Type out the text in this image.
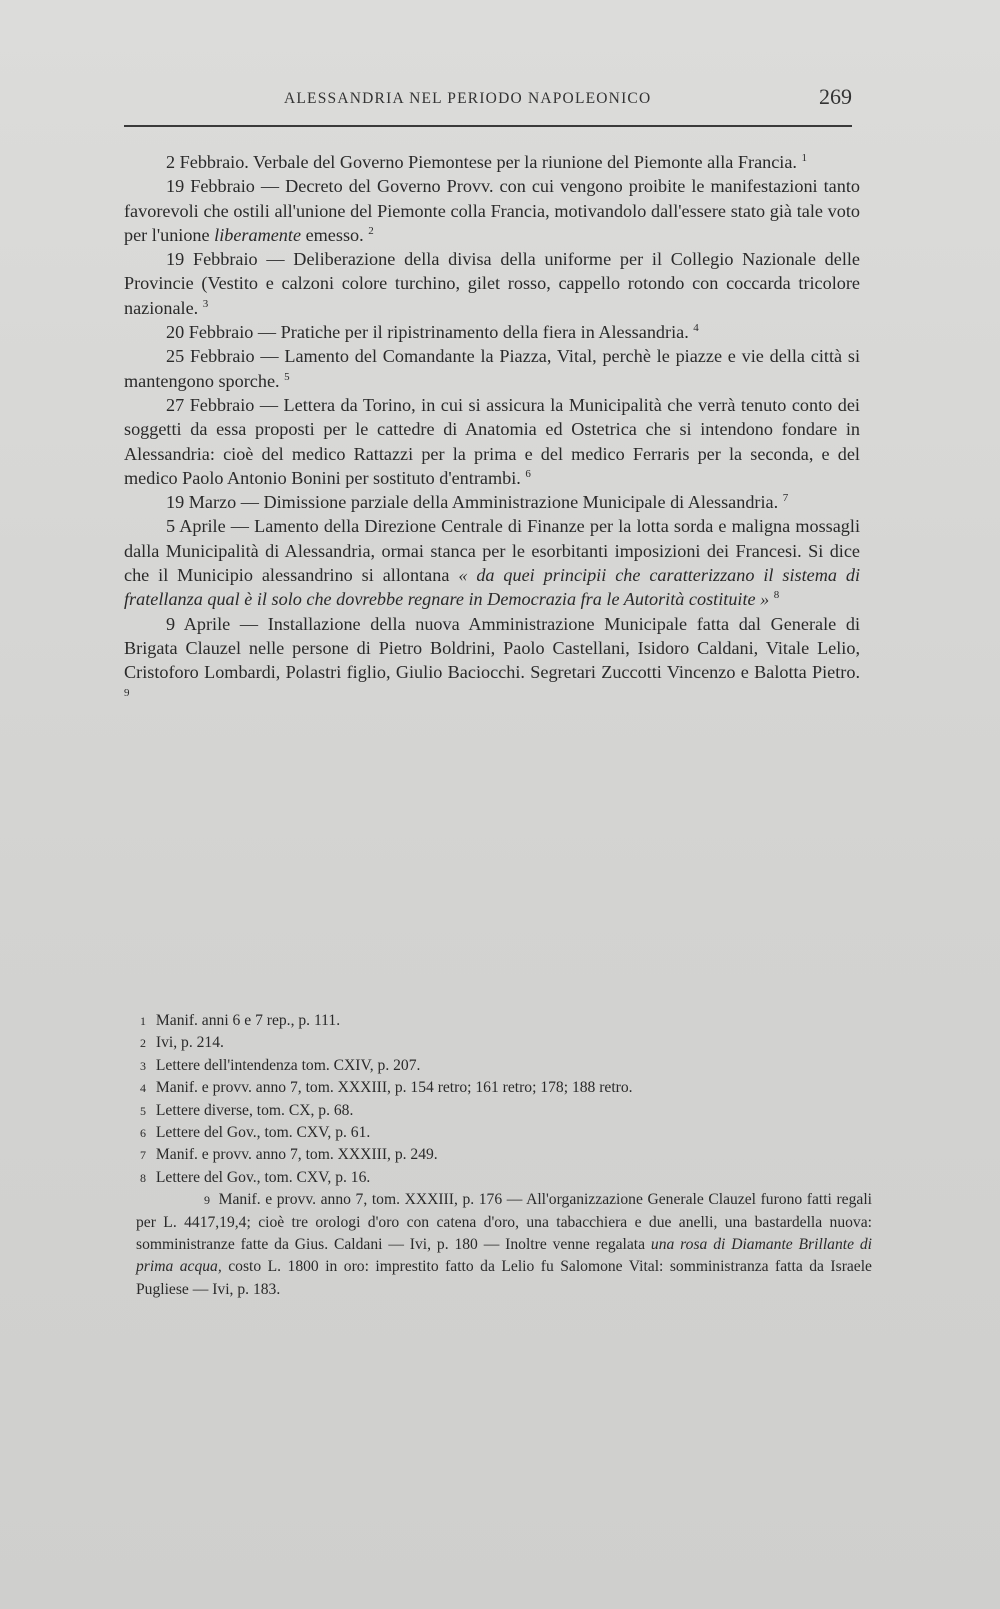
ALESSANDRIA NEL PERIODO NAPOLEONICO	269

2 Febbraio. Verbale del Governo Piemontese per la riunione del Piemonte alla Francia. $^1$

19 Febbraio — Decreto del Governo Provv. con cui vengono proibite le manifestazioni tanto favorevoli che ostili all'unione del Piemonte colla Francia, motivandolo dall'essere stato già tale voto per l'unione liberamente emesso. $^2$

19 Febbraio — Deliberazione della divisa della uniforme per il Collegio Nazionale delle Provincie (Vestito e calzoni colore turchino, gilet rosso, cappello rotondo con coccarda tricolore nazionale. $^3$

20 Febbraio — Pratiche per il ripistrinamento della fiera in Alessandria. $^4$

25 Febbraio — Lamento del Comandante la Piazza, Vital, perchè le piazze e vie della città si mantengono sporche. $^5$

27 Febbraio — Lettera da Torino, in cui si assicura la Municipalità che verrà tenuto conto dei soggetti da essa proposti per le cattedre di Anatomia ed Ostetrica che si intendono fondare in Alessandria: cioè del medico Rattazzi per la prima e del medico Ferraris per la seconda, e del medico Paolo Antonio Bonini per sostituto d'entrambi. $^6$

19 Marzo — Dimissione parziale della Amministrazione Municipale di Alessandria. $^7$

5 Aprile — Lamento della Direzione Centrale di Finanze per la lotta sorda e maligna mossagli dalla Municipalità di Alessandria, ormai stanca per le esorbitanti imposizioni dei Francesi. Si dice che il Municipio alessandrino si allontana « da quei principii che caratterizzano il sistema di fratellanza qual è il solo che dovrebbe regnare in Democrazia fra le Autorità costituite » $^8$

9 Aprile — Installazione della nuova Amministrazione Municipale fatta dal Generale di Brigata Clauzel nelle persone di Pietro Boldrini, Paolo Castellani, Isidoro Caldani, Vitale Lelio, Cristoforo Lombardi, Polastri figlio, Giulio Baciocchi. Segretari Zuccotti Vincenzo e Balotta Pietro. $^9$

1 Manif. anni 6 e 7 rep., p. 111.

2 Ivi, p. 214.

3 Lettere dell'intendenza tom. CXIV, p. 207.

4 Manif. e provv. anno 7, tom. XXXIII, p. 154 retro; 161 retro; 178; 188 retro.

5 Lettere diverse, tom. CX, p. 68.

6 Lettere del Gov., tom. CXV, p. 61.

7 Manif. e provv. anno 7, tom. XXXIII, p. 249.

8 Lettere del Gov., tom. CXV, p. 16.

9 Manif. e provv. anno 7, tom. XXXIII, p. 176 — All'organizzazione Generale Clauzel furono fatti regali per L. 4417,19,4; cioè tre orologi d'oro con catena d'oro, una tabacchiera e due anelli, una bastardella nuova: somministranze fatte da Gius. Caldani — Ivi, p. 180 — Inoltre venne regalata una rosa di Diamante Brillante di prima acqua, costo L. 1800 in oro: imprestito fatto da Lelio fu Salomone Vital: somministranza fatta da Israele Pugliese — Ivi, p. 183.
